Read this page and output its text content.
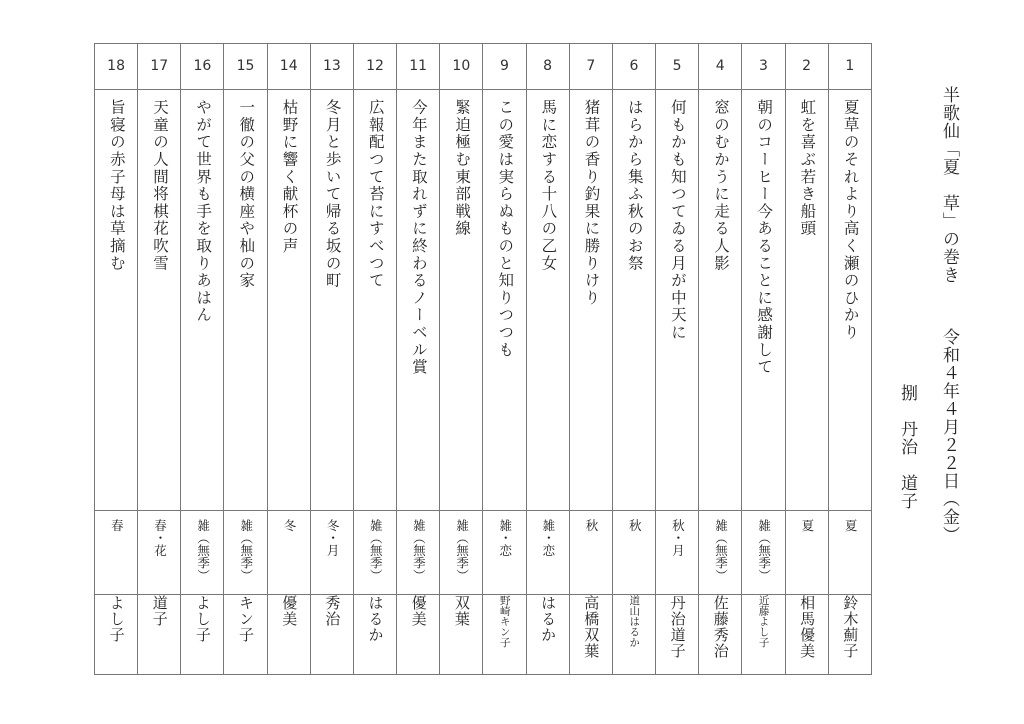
18	17	16	15	14	13	12	11	10	9	8	7	6	5	4	3	2	1
旨寝の赤子母は草摘む	天童の人間将棋花吹雪	やがて世界も手を取りあはん	一徹の父の横座や杣の家	枯野に響く献杯の声	冬月と歩いて帰る坂の町	広報配つて苔にすべつて	今年また取れずに終わるノーベル賞	緊迫極む東部戦線	この愛は実らぬものと知りつつも	馬に恋する十八の乙女	猪茸の香り釣果に勝りけり	はらから集ふ秋のお祭	何もかも知つてゐる月が中天に	窓のむかうに走る人影	朝のコーヒー今あることに感謝して	虹を喜ぶ若き船頭	夏草のそれより高く瀬のひかり
春	春・花	雑（無季）	雑（無季）	冬	冬・月	雑（無季）	雑（無季）	雑（無季）	雑・恋	雑・恋	秋	秋	秋・月	雑（無季）	雑（無季）	夏	夏
よし子	道子	よし子	キン子	優美	秀治	はるか	優美	双葉	野崎キン子	はるか	高橋双葉	道山はるか	丹治道子	佐藤秀治	近藤よし子	相馬優美	鈴木薊子
半歌仙「夏　草」の巻き令和４年４月２２日（金）
捌　丹治　道子
